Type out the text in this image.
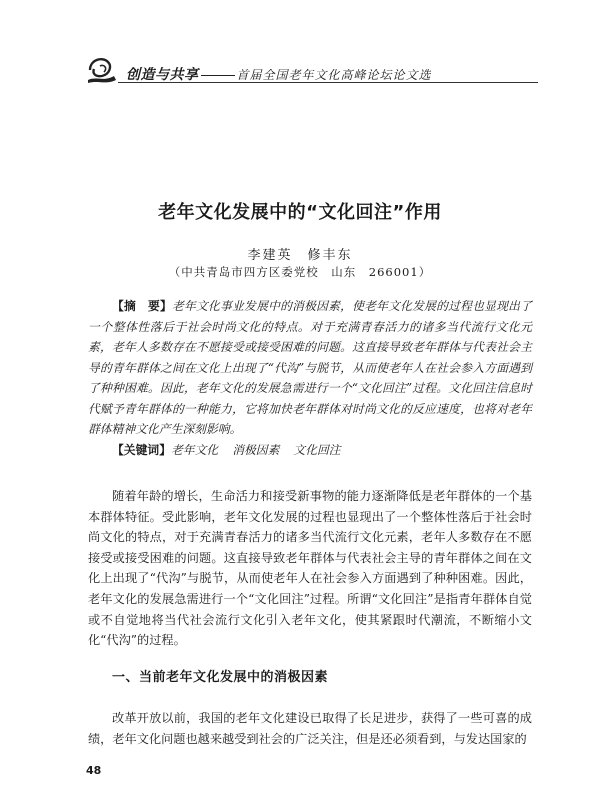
创造与共享	首届全国老年文化高峰论坛论文选
老年文化发展中的“文化回注”作用
李建英　修丰东
（中共青岛市四方区委党校　山东　266001）
【摘　要】老年文化事业发展中的消极因素，使老年文化发展的过程也显现出了一个整体性落后于社会时尚文化的特点。对于充满青春活力的诸多当代流行文化元素，老年人多数存在不愿接受或接受困难的问题。这直接导致老年群体与代表社会主导的青年群体之间在文化上出现了“代沟”与脱节，从而使老年人在社会参入方面遇到了种种困难。因此，老年文化的发展急需进行一个“文化回注”过程。文化回注信息时代赋予青年群体的一种能力，它将加快老年群体对时尚文化的反应速度，也将对老年群体精神文化产生深刻影响。
【关键词】老年文化 消极因素 文化回注
随着年龄的增长，生命活力和接受新事物的能力逐渐降低是老年群体的一个基本群体特征。受此影响，老年文化发展的过程也显现出了一个整体性落后于社会时尚文化的特点，对于充满青春活力的诸多当代流行文化元素，老年人多数存在不愿接受或接受困难的问题。这直接导致老年群体与代表社会主导的青年群体之间在文化上出现了“代沟”与脱节，从而使老年人在社会参入方面遇到了种种困难。因此，老年文化的发展急需进行一个“文化回注”过程。所谓“文化回注”是指青年群体自觉或不自觉地将当代社会流行文化引入老年文化，使其紧跟时代潮流，不断缩小文化“代沟”的过程。
一、当前老年文化发展中的消极因素
改革开放以前，我国的老年文化建设已取得了长足进步，获得了一些可喜的成绩，老年文化问题也越来越受到社会的广泛关注，但是还必须看到，与发达国家的
48
